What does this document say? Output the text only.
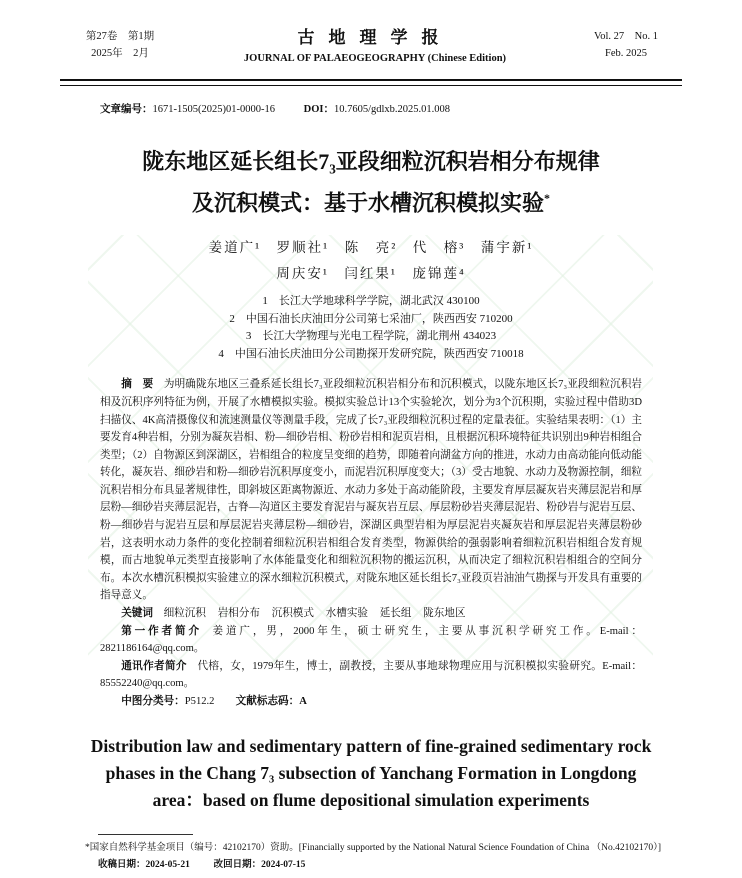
第27卷　第1期
2025年　2月
古地理学报
JOURNAL OF PALAEOGEOGRAPHY (Chinese Edition)
Vol. 27　No. 1
Feb. 2025
文章编号：1671-1505(2025)01-0000-16	DOI：10.7605/gdlxb.2025.01.008
陇东地区延长组长7₃亚段细粒沉积岩相分布规律
及沉积模式：基于水槽沉积模拟实验*
姜道广¹　罗顺社¹　陈　亮²　代　榕³　蒲宇新¹
周庆安¹　闫红果¹　庞锦莲⁴
1　长江大学地球科学学院，湖北武汉 430100
2　中国石油长庆油田分公司第七采油厂，陕西西安 710200
3　长江大学物理与光电工程学院，湖北荆州 434023
4　中国石油长庆油田分公司勘探开发研究院，陕西西安 710018

摘　要 为明确陇东地区三叠系延长组长7₃亚段细粒沉积岩相分布和沉积模式，以陇东地区长7₃亚段细粒沉积岩相及沉积序列特征为例，开展了水槽模拟实验。模拟实验总计13个实验轮次，划分为3个沉积期，实验过程中借助3D扫描仪、4K高清摄像仪和流速测量仪等测量手段，完成了长7₃亚段细粒沉积过程的定量表征。实验结果表明：（1）主要发育4种岩相，分别为凝灰岩相、粉—细砂岩相、粉砂岩相和泥页岩相，且根据沉积环境特征共识别出9种岩相组合类型；（2）自物源区到深湖区，岩相组合的粒度呈变细的趋势，即随着向湖盆方向的推进，水动力由高动能向低动能转化，凝灰岩、细砂岩和粉—细砂岩沉积厚度变小，而泥岩沉积厚度变大；（3）受古地貌、水动力及物源控制，细粒沉积岩相分布具显著规律性，即斜坡区距离物源近、水动力多处于高动能阶段，主要发育厚层凝灰岩夹薄层泥岩和厚层粉—细砂岩夹薄层泥岩，古脊—沟道区主要发育泥岩与凝灰岩互层、厚层粉砂岩夹薄层泥岩、粉砂岩与泥岩互层、粉—细砂岩与泥岩互层和厚层泥岩夹薄层粉—细砂岩，深湖区典型岩相为厚层泥岩夹凝灰岩和厚层泥岩夹薄层粉砂岩，这表明水动力条件的变化控制着细粒沉积岩相组合发育类型，物源供给的强弱影响着细粒沉积岩相组合发育规模，而古地貌单元类型直接影响了水体能量变化和细粒沉积物的搬运沉积，从而决定了细粒沉积岩相组合的空间分布。本次水槽沉积模拟实验建立的深水细粒沉积模式，对陇东地区延长组长7₃亚段页岩油油气勘探与开发具有重要的指导意义。

关键词 细粒沉积 岩相分布 沉积模式 水槽实验 延长组 陇东地区
第一作者简介 姜道广，男，2000年生，硕士研究生，主要从事沉积学研究工作。E-mail：2821186164@qq.com。
通讯作者简介 代榕，女，1979年生，博士，副教授，主要从事地球物理应用与沉积模拟实验研究。E-mail：85552240@qq.com。
中图分类号：P512.2 文献标志码：A
Distribution law and sedimentary pattern of fine-grained sedimentary rock
phases in the Chang 7₃ subsection of Yanchang Formation in Longdong
area：based on flume depositional simulation experiments
*国家自然科学基金项目（编号：42102170）资助。[Financially supported by the National Natural Science Foundation of China （No.42102170）]
收稿日期：2024-05-21	改回日期：2024-07-15
